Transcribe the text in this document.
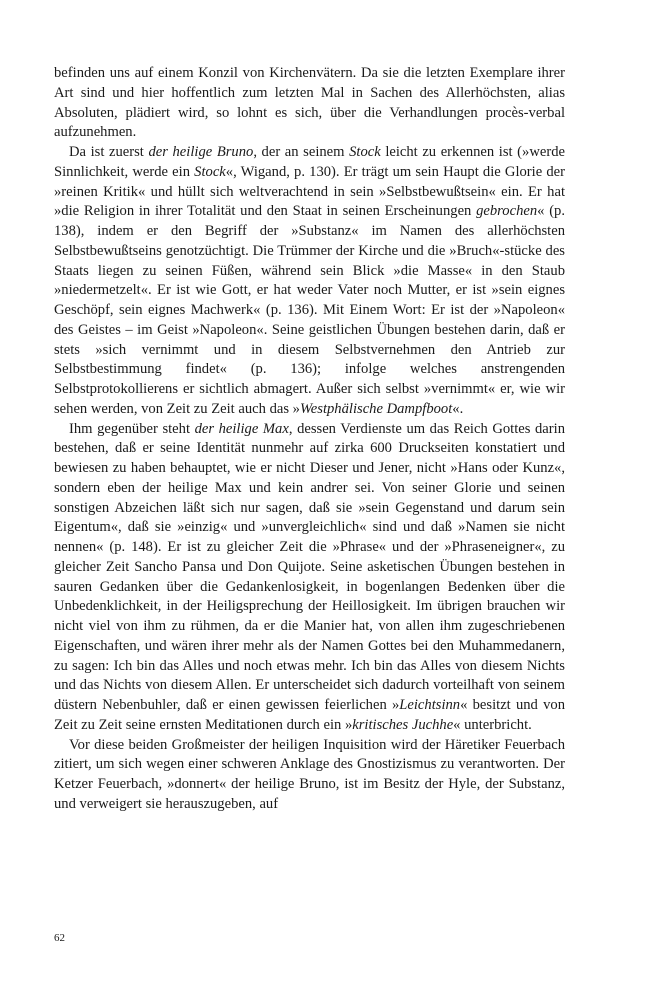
befinden uns auf einem Konzil von Kirchenvätern. Da sie die letzten Exemplare ihrer Art sind und hier hoffentlich zum letzten Mal in Sachen des Allerhöchsten, alias Absoluten, plädiert wird, so lohnt es sich, über die Verhandlungen procès-verbal aufzunehmen.

Da ist zuerst der heilige Bruno, der an seinem Stock leicht zu erkennen ist (»werde Sinnlichkeit, werde ein Stock«, Wigand, p. 130). Er trägt um sein Haupt die Glorie der »reinen Kritik« und hüllt sich weltverachtend in sein »Selbstbewußtsein« ein. Er hat »die Religion in ihrer Totalität und den Staat in seinen Erscheinungen gebrochen« (p. 138), indem er den Begriff der »Substanz« im Namen des allerhöchsten Selbstbewußtseins genotzüchtigt. Die Trümmer der Kirche und die »Bruch«-stücke des Staats liegen zu seinen Füßen, während sein Blick »die Masse« in den Staub »niedermetzelt«. Er ist wie Gott, er hat weder Vater noch Mutter, er ist »sein eignes Geschöpf, sein eignes Machwerk« (p. 136). Mit Einem Wort: Er ist der »Napoleon« des Geistes – im Geist »Napoleon«. Seine geistlichen Übungen bestehen darin, daß er stets »sich vernimmt und in diesem Selbstvernehmen den Antrieb zur Selbstbestimmung findet« (p. 136); infolge welches anstrengenden Selbstprotokollierens er sichtlich abmagert. Außer sich selbst »vernimmt« er, wie wir sehen werden, von Zeit zu Zeit auch das »Westphälische Dampfboot«.

Ihm gegenüber steht der heilige Max, dessen Verdienste um das Reich Gottes darin bestehen, daß er seine Identität nunmehr auf zirka 600 Druckseiten konstatiert und bewiesen zu haben behauptet, wie er nicht Dieser und Jener, nicht »Hans oder Kunz«, sondern eben der heilige Max und kein andrer sei. Von seiner Glorie und seinen sonstigen Abzeichen läßt sich nur sagen, daß sie »sein Gegenstand und darum sein Eigentum«, daß sie »einzig« und »unvergleichlich« sind und daß »Namen sie nicht nennen« (p. 148). Er ist zu gleicher Zeit die »Phrase« und der »Phraseneigner«, zu gleicher Zeit Sancho Pansa und Don Quijote. Seine asketischen Übungen bestehen in sauren Gedanken über die Gedankenlosigkeit, in bogenlangen Bedenken über die Unbedenklichkeit, in der Heiligsprechung der Heillosigkeit. Im übrigen brauchen wir nicht viel von ihm zu rühmen, da er die Manier hat, von allen ihm zugeschriebenen Eigenschaften, und wären ihrer mehr als der Namen Gottes bei den Muhammedanern, zu sagen: Ich bin das Alles und noch etwas mehr. Ich bin das Alles von diesem Nichts und das Nichts von diesem Allen. Er unterscheidet sich dadurch vorteilhaft von seinem düstern Nebenbuhler, daß er einen gewissen feierlichen »Leichtsinn« besitzt und von Zeit zu Zeit seine ernsten Meditationen durch ein »kritisches Juchhe« unterbricht.

Vor diese beiden Großmeister der heiligen Inquisition wird der Häretiker Feuerbach zitiert, um sich wegen einer schweren Anklage des Gnostizismus zu verantworten. Der Ketzer Feuerbach, »donnert« der heilige Bruno, ist im Besitz der Hyle, der Substanz, und verweigert sie herauszugeben, auf

62
